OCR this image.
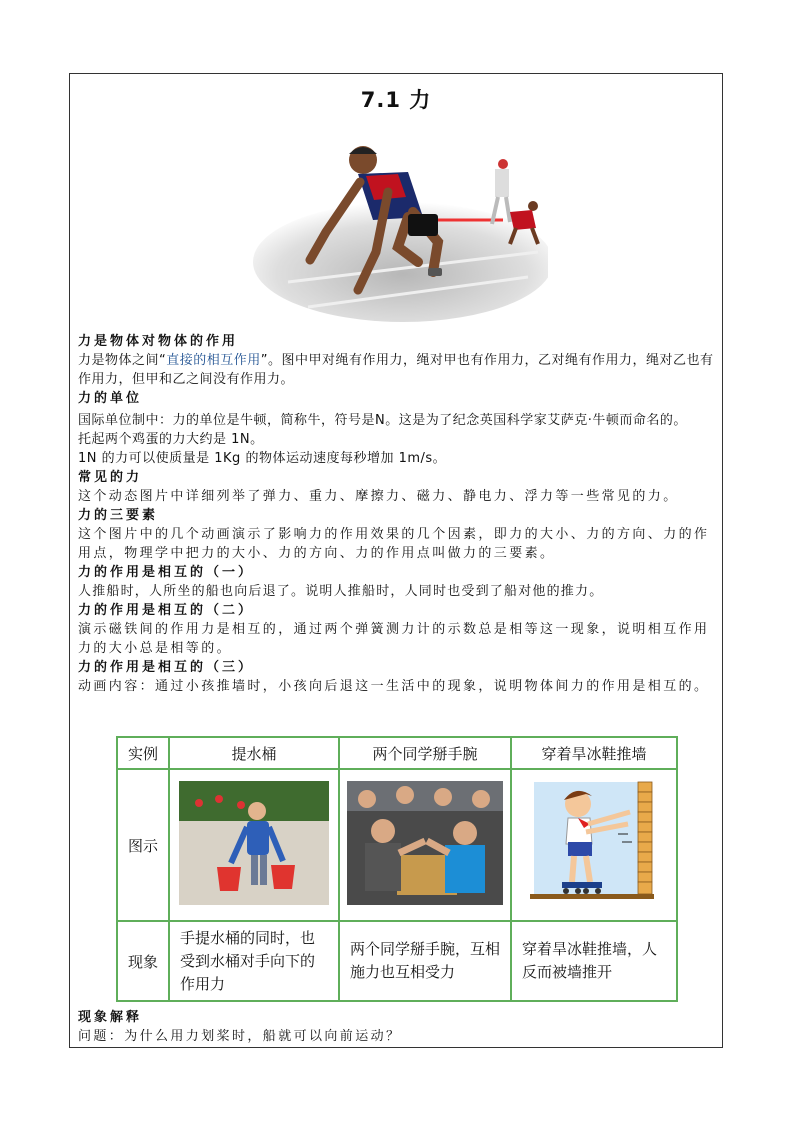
7.1 力

力是物体对物体的作用

力是物体之间“直接的相互作用”。图中甲对绳有作用力，绳对甲也有作用力，乙对绳有作用力，绳对乙也有作用力，但甲和乙之间没有作用力。

力的单位

国际单位制中：力的单位是牛顿，简称牛，符号是N。这是为了纪念英国科学家艾萨克·牛顿而命名的。

托起两个鸡蛋的力大约是 1N。

1N 的力可以使质量是 1Kg 的物体运动速度每秒增加 1m/s。

常见的力

这个动态图片中详细列举了弹力、重力、摩擦力、磁力、静电力、浮力等一些常见的力。

力的三要素

这个图片中的几个动画演示了影响力的作用效果的几个因素，即力的大小、力的方向、力的作用点，物理学中把力的大小、力的方向、力的作用点叫做力的三要素。

力的作用是相互的（一）

人推船时，人所坐的船也向后退了。说明人推船时，人同时也受到了船对他的推力。

力的作用是相互的（二）

演示磁铁间的作用力是相互的，通过两个弹簧测力计的示数总是相等这一现象，说明相互作用力的大小总是相等的。

力的作用是相互的（三）

动画内容：通过小孩推墙时，小孩向后退这一生活中的现象，说明物体间力的作用是相互的。

实例	提水桶	两个同学掰手腕	穿着旱冰鞋推墙
图示			
现象	手提水桶的同时，也受到水桶对手向下的作用力	两个同学掰手腕，互相施力也互相受力	穿着旱冰鞋推墙，人反而被墙推开

现象解释

问题：为什么用力划桨时，船就可以向前运动？
